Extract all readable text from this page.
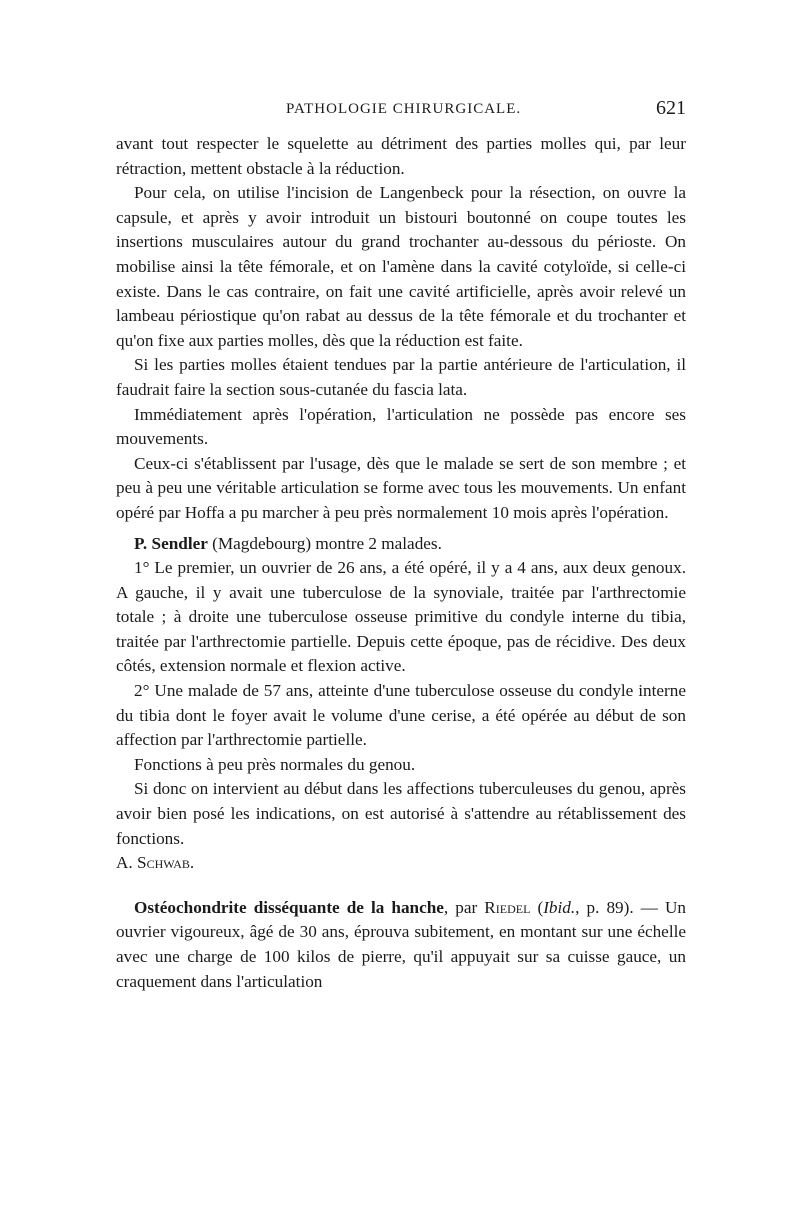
PATHOLOGIE CHIRURGICALE.	621

avant tout respecter le squelette au détriment des parties molles qui, par leur rétraction, mettent obstacle à la réduction.

Pour cela, on utilise l'incision de Langenbeck pour la résection, on ouvre la capsule, et après y avoir introduit un bistouri boutonné on coupe toutes les insertions musculaires autour du grand trochanter au-dessous du périoste. On mobilise ainsi la tête fémorale, et on l'amène dans la cavité cotyloïde, si celle-ci existe. Dans le cas contraire, on fait une cavité artificielle, après avoir relevé un lambeau périostique qu'on rabat au dessus de la tête fémorale et du trochanter et qu'on fixe aux parties molles, dès que la réduction est faite.

Si les parties molles étaient tendues par la partie antérieure de l'articulation, il faudrait faire la section sous-cutanée du fascia lata.

Immédiatement après l'opération, l'articulation ne possède pas encore ses mouvements.

Ceux-ci s'établissent par l'usage, dès que le malade se sert de son membre ; et peu à peu une véritable articulation se forme avec tous les mouvements. Un enfant opéré par Hoffa a pu marcher à peu près normalement 10 mois après l'opération.

P. Sendler (Magdebourg) montre 2 malades.

1° Le premier, un ouvrier de 26 ans, a été opéré, il y a 4 ans, aux deux genoux. A gauche, il y avait une tuberculose de la synoviale, traitée par l'arthrectomie totale ; à droite une tuberculose osseuse primitive du condyle interne du tibia, traitée par l'arthrectomie partielle. Depuis cette époque, pas de récidive. Des deux côtés, extension normale et flexion active.

2° Une malade de 57 ans, atteinte d'une tuberculose osseuse du condyle interne du tibia dont le foyer avait le volume d'une cerise, a été opérée au début de son affection par l'arthrectomie partielle.

Fonctions à peu près normales du genou.

Si donc on intervient au début dans les affections tuberculeuses du genou, après avoir bien posé les indications, on est autorisé à s'attendre au rétablissement des fonctions.

A. Schwab.

Ostéochondrite disséquante de la hanche, par Riedel (Ibid., p. 89). — Un ouvrier vigoureux, âgé de 30 ans, éprouva subitement, en montant sur une échelle avec une charge de 100 kilos de pierre, qu'il appuyait sur sa cuisse gauce, un craquement dans l'articulation
